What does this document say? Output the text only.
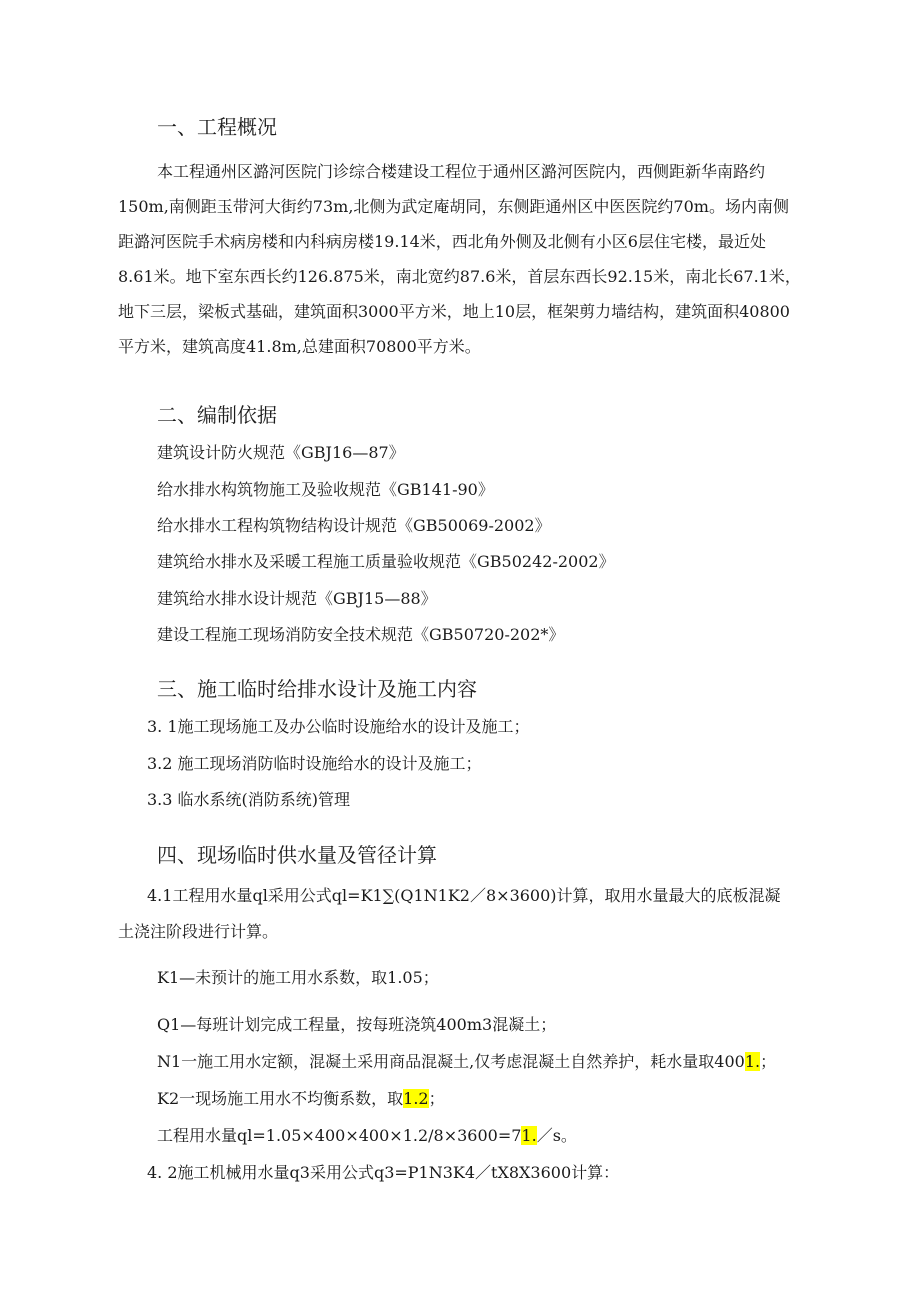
一、工程概况
本工程通州区潞河医院门诊综合楼建设工程位于通州区潞河医院内，西侧距新华南路约
150m,南侧距玉带河大街约73m,北侧为武定庵胡同，东侧距通州区中医医院约70m。场内南侧
距潞河医院手术病房楼和内科病房楼19.14米，西北角外侧及北侧有小区6层住宅楼，最近处
8.61米。地下室东西长约126.875米，南北宽约87.6米，首层东西长92.15米，南北长67.1米，
地下三层，梁板式基础，建筑面积3000平方米，地上10层，框架剪力墙结构，建筑面积40800
平方米，建筑高度41.8m,总建面积70800平方米。
二、编制依据
建筑设计防火规范《GBJ16—87》
给水排水构筑物施工及验收规范《GB141-90》
给水排水工程构筑物结构设计规范《GB50069-2002》
建筑给水排水及采暖工程施工质量验收规范《GB50242-2002》
建筑给水排水设计规范《GBJ15—88》
建设工程施工现场消防安全技术规范《GB50720-202*》
三、施工临时给排水设计及施工内容
3. 1施工现场施工及办公临时设施给水的设计及施工；
3.2 施工现场消防临时设施给水的设计及施工；
3.3 临水系统(消防系统)管理
四、现场临时供水量及管径计算
4.1工程用水量ql采用公式ql=K1∑(Q1N1K2／8×3600)计算，取用水量最大的底板混凝
土浇注阶段进行计算。
K1—未预计的施工用水系数，取1.05；
Q1—每班计划完成工程量，按每班浇筑400m3混凝土；
N1一施工用水定额，混凝土采用商品混凝土,仅考虑混凝土自然养护，耗水量取4001.；
K2一现场施工用水不均衡系数，取1.2；
工程用水量ql=1.05×400×400×1.2/8×3600=71.／s。
4. 2施工机械用水量q3采用公式q3=P1N3K4／tX8X3600计算：
